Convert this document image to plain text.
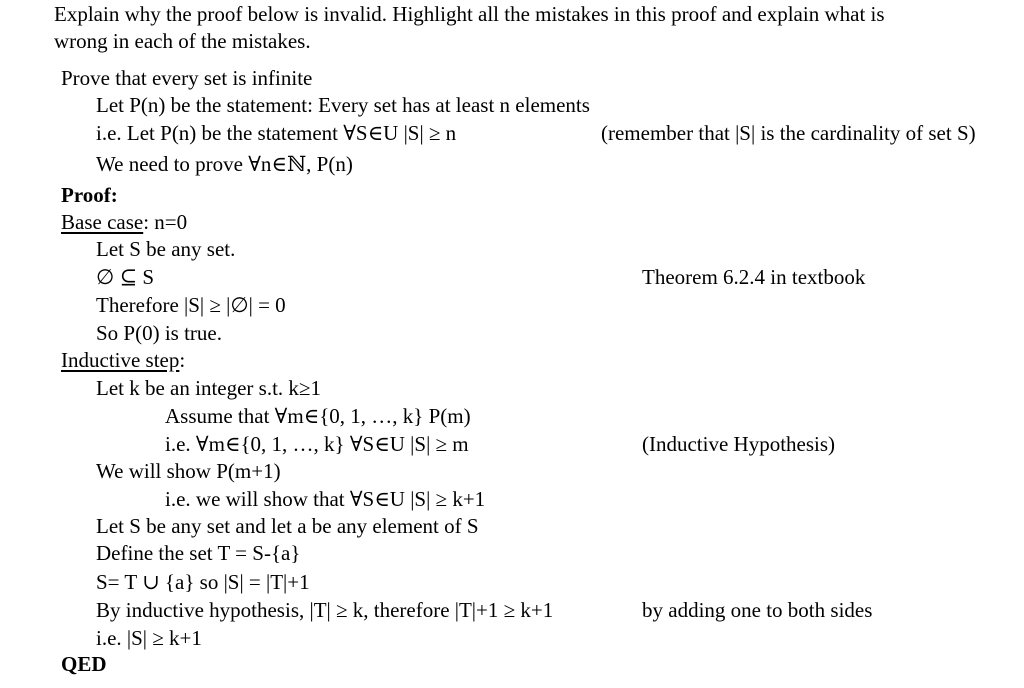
Explain why the proof below is invalid. Highlight all the mistakes in this proof and explain what is
wrong in each of the mistakes.
Prove that every set is infinite
Let P(n) be the statement: Every set has at least n elements
i.e. Let P(n) be the statement ∀S∈U |S| ≥ n	(remember that |S| is the cardinality of set S)
We need to prove ∀n∈ℕ, P(n)
Proof:
Base case: n=0
Let S be any set.
∅ ⊆ S	Theorem 6.2.4 in textbook
Therefore |S| ≥ |∅| = 0
So P(0) is true.
Inductive step:
Let k be an integer s.t. k≥1
Assume that ∀m∈{0, 1, …, k} P(m)
i.e. ∀m∈{0, 1, …, k} ∀S∈U |S| ≥ m	(Inductive Hypothesis)
We will show P(m+1)
i.e. we will show that ∀S∈U |S| ≥ k+1
Let S be any set and let a be any element of S
Define the set T = S-{a}
S= T ∪ {a} so |S| = |T|+1
By inductive hypothesis, |T| ≥ k, therefore |T|+1 ≥ k+1	by adding one to both sides
i.e. |S| ≥ k+1
QED
